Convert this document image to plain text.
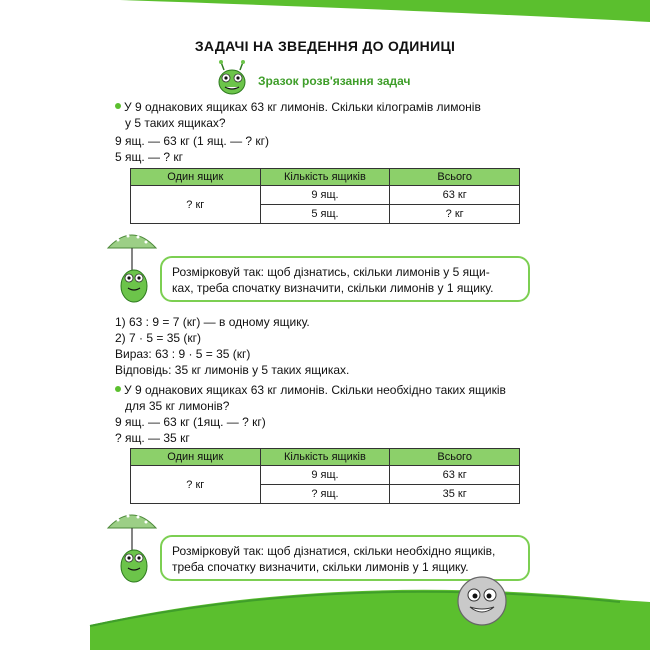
4
ЗАДАЧІ НА ЗВЕДЕННЯ ДО ОДИНИЦІ
Зразок розв'язання задач
У 9 однакових ящиках 63 кг лимонів. Скільки кілограмів лимонів
у 5 таких ящиках?
9 ящ. — 63 кг (1 ящ. — ? кг)
5 ящ. — ? кг
Один ящик	Кількість ящиків	Всього
? кг	9 ящ.	63 кг
	5 ящ.	? кг
Розмірковуй так: щоб дізнатись, скільки лимонів у 5 ящи-
ках, треба спочатку визначити, скільки лимонів у 1 ящику.
1) 63 : 9 = 7 (кг) — в одному ящику.
2) 7 · 5 = 35 (кг)
Вираз: 63 : 9 · 5 = 35 (кг)
Відповідь: 35 кг лимонів у 5 таких ящиках.
У 9 однакових ящиках 63 кг лимонів. Скільки необхідно таких ящиків
для 35 кг лимонів?
9 ящ. — 63 кг (1ящ. — ? кг)
? ящ. — 35 кг
Один ящик	Кількість ящиків	Всього
? кг	9 ящ.	63 кг
	? ящ.	35 кг
Розмірковуй так: щоб дізнатися, скільки необхідно ящиків,
треба спочатку визначити, скільки лимонів у 1 ящику.
